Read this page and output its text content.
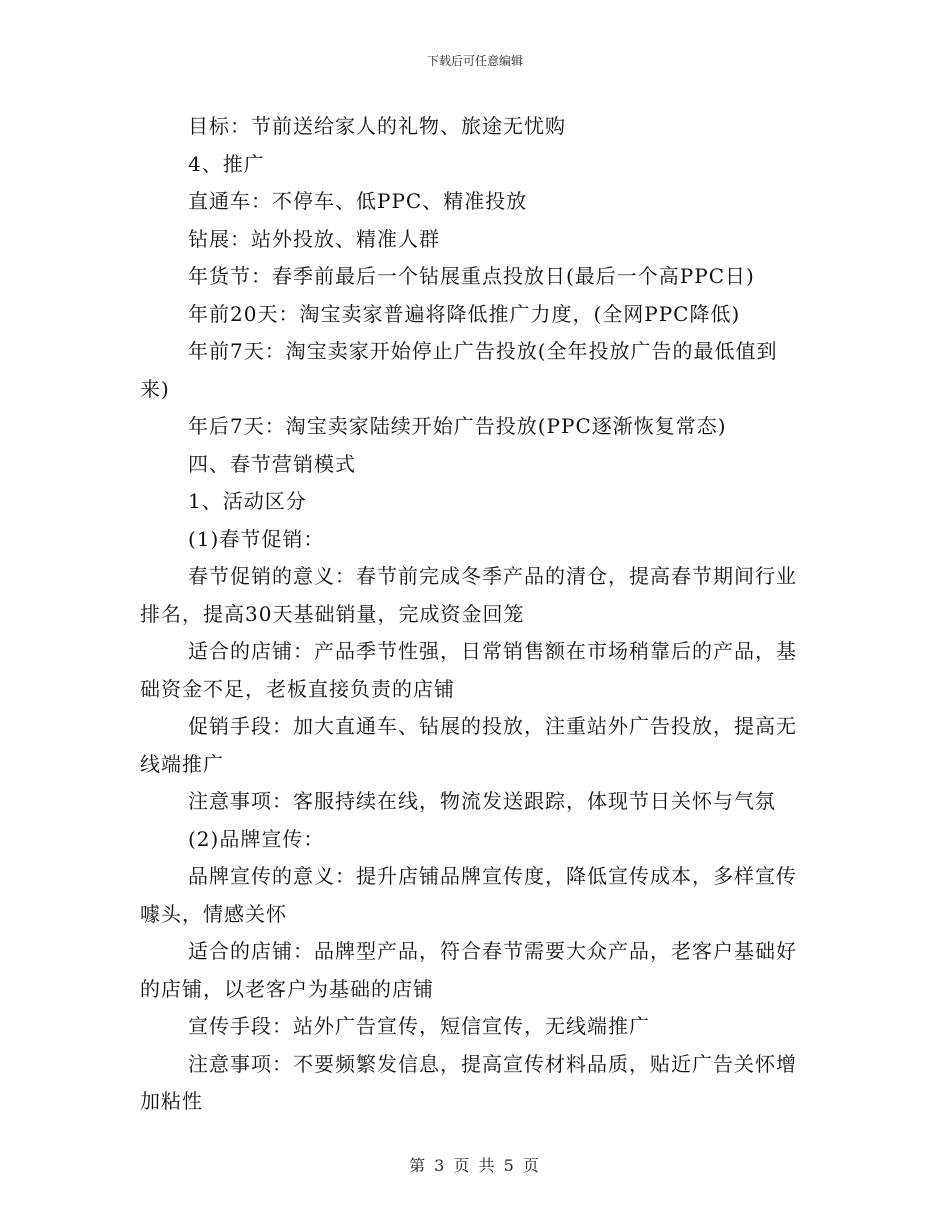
下载后可任意编辑

目标：节前送给家人的礼物、旅途无忧购

4、推广

直通车：不停车、低PPC、精准投放

钻展：站外投放、精准人群

年货节：春季前最后一个钻展重点投放日(最后一个高PPC日)

年前20天：淘宝卖家普遍将降低推广力度，(全网PPC降低)

年前7天：淘宝卖家开始停止广告投放(全年投放广告的最低值到来)

年后7天：淘宝卖家陆续开始广告投放(PPC逐渐恢复常态)

四、春节营销模式

1、活动区分

(1)春节促销：

春节促销的意义：春节前完成冬季产品的清仓，提高春节期间行业排名，提高30天基础销量，完成资金回笼

适合的店铺：产品季节性强，日常销售额在市场稍靠后的产品，基础资金不足，老板直接负责的店铺

促销手段：加大直通车、钻展的投放，注重站外广告投放，提高无线端推广

注意事项：客服持续在线，物流发送跟踪，体现节日关怀与气氛

(2)品牌宣传：

品牌宣传的意义：提升店铺品牌宣传度，降低宣传成本，多样宣传噱头，情感关怀

适合的店铺：品牌型产品，符合春节需要大众产品，老客户基础好的店铺，以老客户为基础的店铺

宣传手段：站外广告宣传，短信宣传，无线端推广

注意事项：不要频繁发信息，提高宣传材料品质，贴近广告关怀增加粘性

第 3 页 共 5 页
